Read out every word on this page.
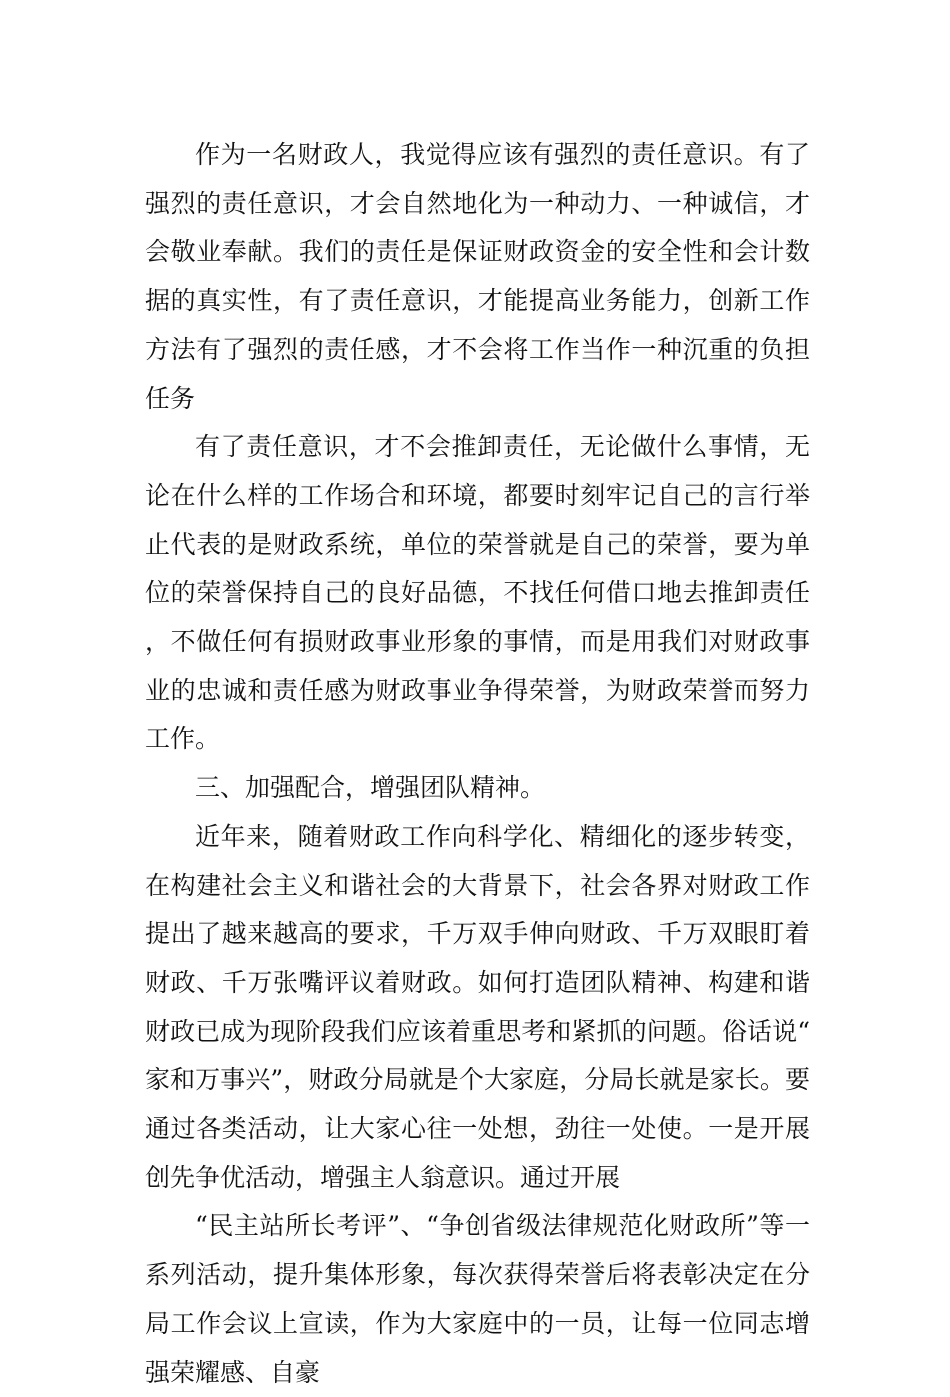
作为一名财政人，我觉得应该有强烈的责任意识。有了强烈的责任意识，才会自然地化为一种动力、一种诚信，才会敬业奉献。我们的责任是保证财政资金的安全性和会计数据的真实性，有了责任意识，才能提高业务能力，创新工作方法有了强烈的责任感，才不会将工作当作一种沉重的负担任务

有了责任意识，才不会推卸责任，无论做什么事情，无论在什么样的工作场合和环境，都要时刻牢记自己的言行举止代表的是财政系统，单位的荣誉就是自己的荣誉，要为单位的荣誉保持自己的良好品德，不找任何借口地去推卸责任，不做任何有损财政事业形象的事情，而是用我们对财政事业的忠诚和责任感为财政事业争得荣誉，为财政荣誉而努力工作。

三、加强配合，增强团队精神。

近年来，随着财政工作向科学化、精细化的逐步转变，在构建社会主义和谐社会的大背景下，社会各界对财政工作提出了越来越高的要求，千万双手伸向财政、千万双眼盯着财政、千万张嘴评议着财政。如何打造团队精神、构建和谐财政已成为现阶段我们应该着重思考和紧抓的问题。俗话说“家和万事兴”，财政分局就是个大家庭，分局长就是家长。要通过各类活动，让大家心往一处想，劲往一处使。一是开展创先争优活动，增强主人翁意识。通过开展

“民主站所长考评”、“争创省级法律规范化财政所”等一系列活动，提升集体形象，每次获得荣誉后将表彰决定在分局工作会议上宣读，作为大家庭中的一员，让每一位同志增强荣耀感、自豪
